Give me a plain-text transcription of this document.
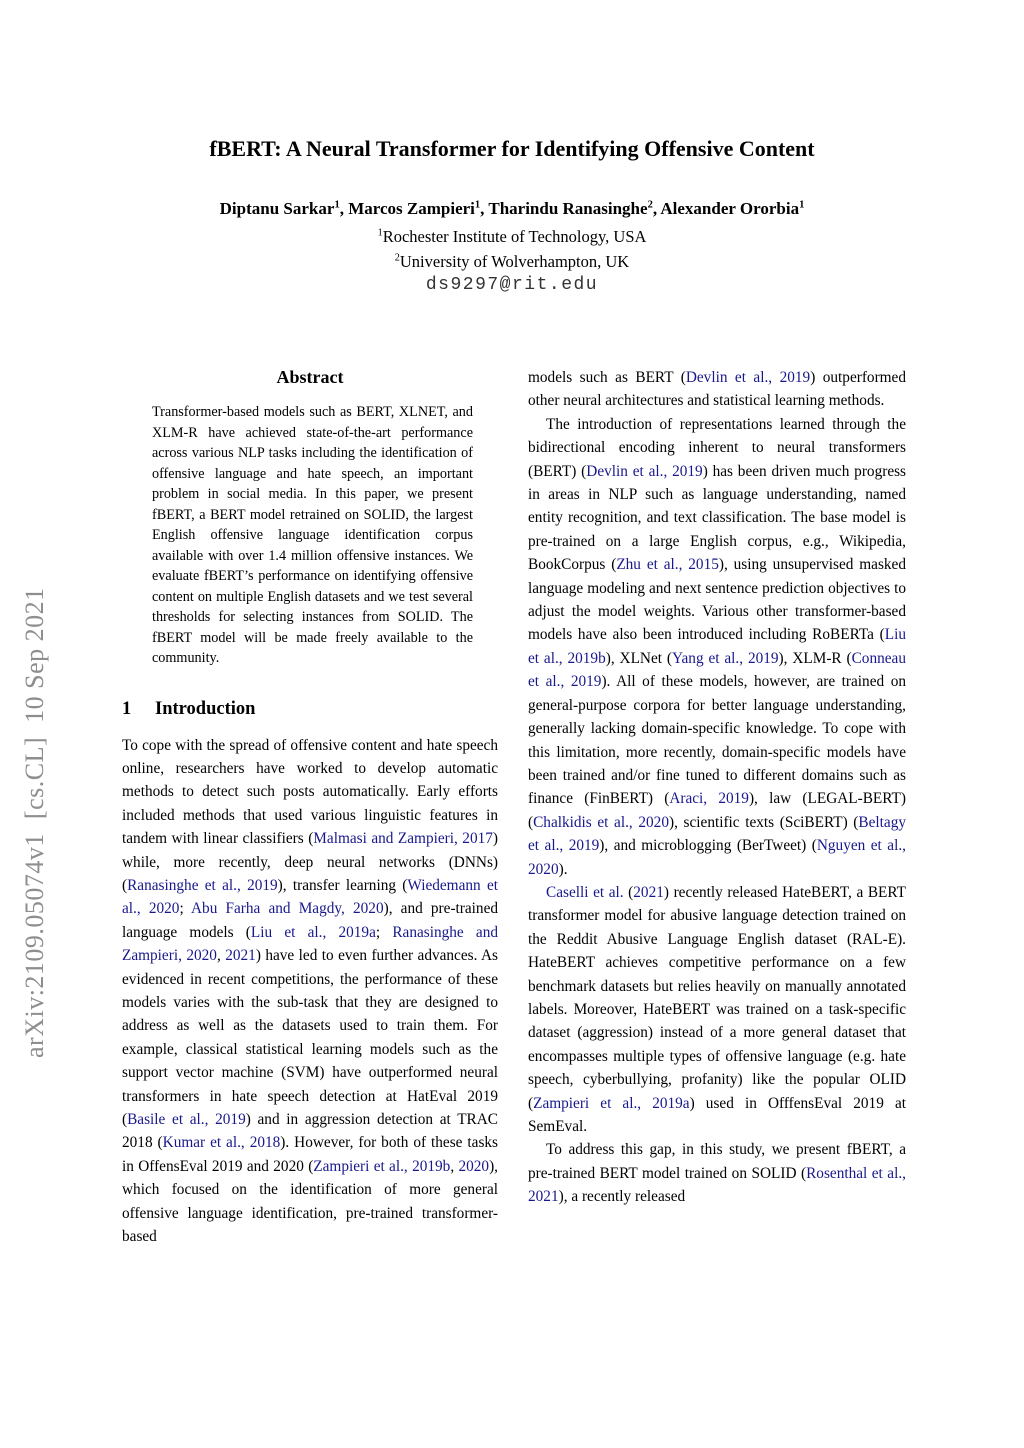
arXiv:2109.05074v1  [cs.CL]  10 Sep 2021
fBERT: A Neural Transformer for Identifying Offensive Content
Diptanu Sarkar$^1$, Marcos Zampieri$^1$, Tharindu Ranasinghe$^2$, Alexander Ororbia$^1$
$^1$Rochester Institute of Technology, USA
$^2$University of Wolverhampton, UK
ds9297@rit.edu
Abstract
Transformer-based models such as BERT, XLNET, and XLM-R have achieved state-of-the-art performance across various NLP tasks including the identification of offensive language and hate speech, an important problem in social media. In this paper, we present fBERT, a BERT model retrained on SOLID, the largest English offensive language identification corpus available with over 1.4 million offensive instances. We evaluate fBERT’s performance on identifying offensive content on multiple English datasets and we test several thresholds for selecting instances from SOLID. The fBERT model will be made freely available to the community.
1 Introduction

To cope with the spread of offensive content and hate speech online, researchers have worked to develop automatic methods to detect such posts automatically. Early efforts included methods that used various linguistic features in tandem with linear classifiers (Malmasi and Zampieri, 2017) while, more recently, deep neural networks (DNNs) (Ranasinghe et al., 2019), transfer learning (Wiedemann et al., 2020; Abu Farha and Magdy, 2020), and pre-trained language models (Liu et al., 2019a; Ranasinghe and Zampieri, 2020, 2021) have led to even further advances. As evidenced in recent competitions, the performance of these models varies with the sub-task that they are designed to address as well as the datasets used to train them. For example, classical statistical learning models such as the support vector machine (SVM) have outperformed neural transformers in hate speech detection at HatEval 2019 (Basile et al., 2019) and in aggression detection at TRAC 2018 (Kumar et al., 2018). However, for both of these tasks in OffensEval 2019 and 2020 (Zampieri et al., 2019b, 2020), which focused on the identification of more general offensive language identification, pre-trained transformer-based

models such as BERT (Devlin et al., 2019) outperformed other neural architectures and statistical learning methods.

The introduction of representations learned through the bidirectional encoding inherent to neural transformers (BERT) (Devlin et al., 2019) has been driven much progress in areas in NLP such as language understanding, named entity recognition, and text classification. The base model is pre-trained on a large English corpus, e.g., Wikipedia, BookCorpus (Zhu et al., 2015), using unsupervised masked language modeling and next sentence prediction objectives to adjust the model weights. Various other transformer-based models have also been introduced including RoBERTa (Liu et al., 2019b), XLNet (Yang et al., 2019), XLM-R (Conneau et al., 2019). All of these models, however, are trained on general-purpose corpora for better language understanding, generally lacking domain-specific knowledge. To cope with this limitation, more recently, domain-specific models have been trained and/or fine tuned to different domains such as finance (FinBERT) (Araci, 2019), law (LEGAL-BERT) (Chalkidis et al., 2020), scientific texts (SciBERT) (Beltagy et al., 2019), and microblogging (BerTweet) (Nguyen et al., 2020).

Caselli et al. (2021) recently released HateBERT, a BERT transformer model for abusive language detection trained on the Reddit Abusive Language English dataset (RAL-E). HateBERT achieves competitive performance on a few benchmark datasets but relies heavily on manually annotated labels. Moreover, HateBERT was trained on a task-specific dataset (aggression) instead of a more general dataset that encompasses multiple types of offensive language (e.g. hate speech, cyberbullying, profanity) like the popular OLID (Zampieri et al., 2019a) used in OfffensEval 2019 at SemEval.

To address this gap, in this study, we present fBERT, a pre-trained BERT model trained on SOLID (Rosenthal et al., 2021), a recently released
